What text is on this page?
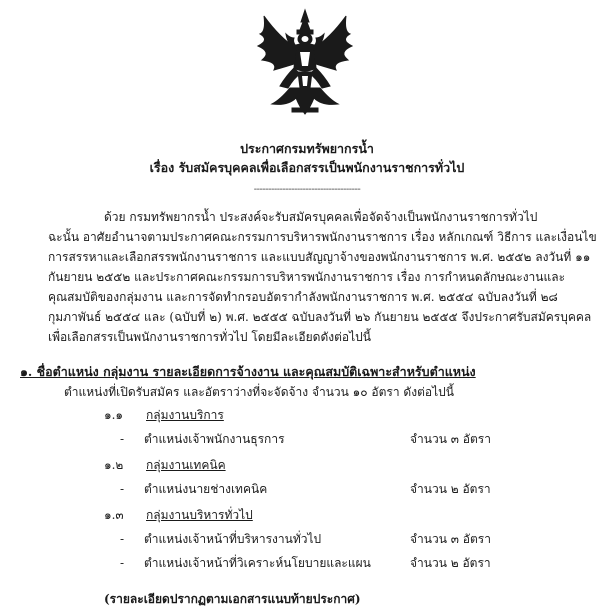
ประกาศกรมทรัพยากรน้ำ
เรื่อง รับสมัครบุคคลเพื่อเลือกสรรเป็นพนักงานราชการทั่วไป
-------------------------------------
ด้วย กรมทรัพยากรน้ำ ประสงค์จะรับสมัครบุคคลเพื่อจัดจ้างเป็นพนักงานราชการทั่วไป
ฉะนั้น อาศัยอำนาจตามประกาศคณะกรรมการบริหารพนักงานราชการ เรื่อง หลักเกณฑ์ วิธีการ และเงื่อนไข
การสรรหาและเลือกสรรพนักงานราชการ และแบบสัญญาจ้างของพนักงานราชการ พ.ศ. ๒๕๕๒ ลงวันที่ ๑๑
กันยายน ๒๕๕๒ และประกาศคณะกรรมการบริหารพนักงานราชการ เรื่อง การกำหนดลักษณะงานและ
คุณสมบัติของกลุ่มงาน และการจัดทำกรอบอัตรากำลังพนักงานราชการ พ.ศ. ๒๕๕๔ ฉบับลงวันที่ ๒๘
กุมภาพันธ์ ๒๕๕๔ และ (ฉบับที่ ๒) พ.ศ. ๒๕๕๕ ฉบับลงวันที่ ๒๖ กันยายน ๒๕๕๕ จึงประกาศรับสมัครบุคคล
เพื่อเลือกสรรเป็นพนักงานราชการทั่วไป โดยมีละเอียดดังต่อไปนี้
๑. ชื่อตำแหน่ง กลุ่มงาน รายละเอียดการจ้างงาน และคุณสมบัติเฉพาะสำหรับตำแหน่ง
ตำแหน่งที่เปิดรับสมัคร และอัตราว่างที่จะจัดจ้าง จำนวน ๑๐ อัตรา ดังต่อไปนี้
๑.๑ กลุ่มงานบริการ
- ตำแหน่งเจ้าพนักงานธุรการ	จำนวน ๓ อัตรา
๑.๒ กลุ่มงานเทคนิค
- ตำแหน่งนายช่างเทคนิค	จำนวน ๒ อัตรา
๑.๓ กลุ่มงานบริหารทั่วไป
- ตำแหน่งเจ้าหน้าที่บริหารงานทั่วไป	จำนวน ๓ อัตรา
- ตำแหน่งเจ้าหน้าที่วิเคราะห์นโยบายและแผน	จำนวน ๒ อัตรา
(รายละเอียดปรากฏตามเอกสารแนบท้ายประกาศ)
